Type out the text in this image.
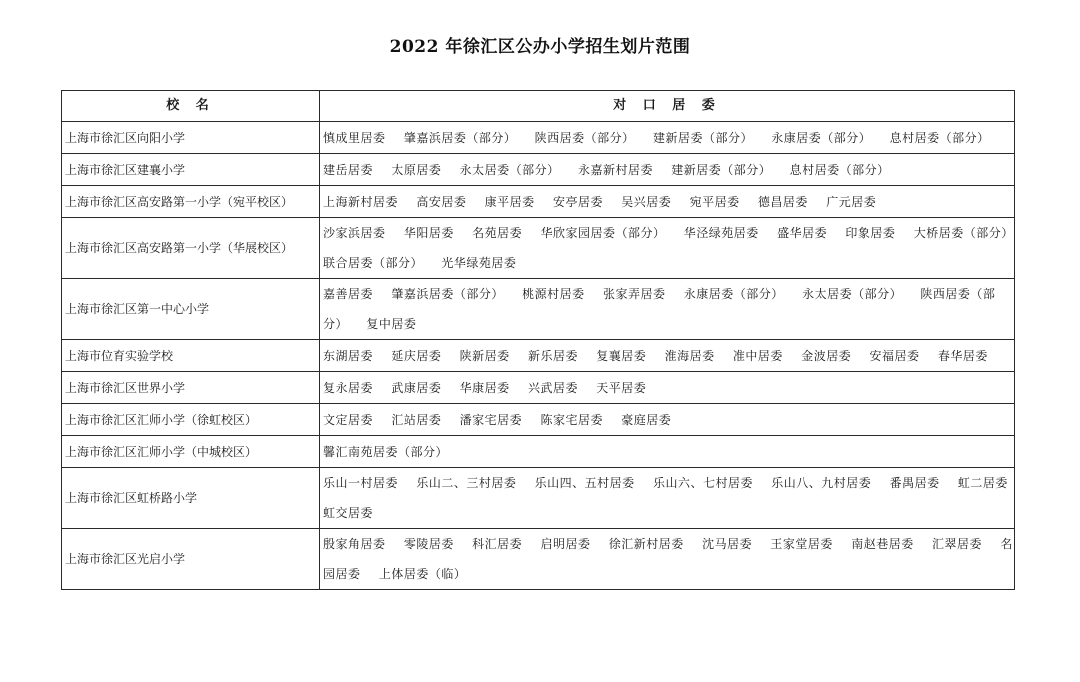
2022 年徐汇区公办小学招生划片范围
校 名	对 口 居 委
上海市徐汇区向阳小学	慎成里居委 肇嘉浜居委（部分） 陕西居委（部分） 建新居委（部分） 永康居委（部分） 息村居委（部分）
上海市徐汇区建襄小学	建岳居委 太原居委 永太居委（部分） 永嘉新村居委 建新居委（部分） 息村居委（部分）
上海市徐汇区高安路第一小学（宛平校区）	上海新村居委 高安居委 康平居委 安亭居委 吴兴居委 宛平居委 德昌居委 广元居委
上海市徐汇区高安路第一小学（华展校区）	沙家浜居委 华阳居委 名苑居委 华欣家园居委（部分） 华泾绿苑居委 盛华居委 印象居委 大桥居委（部分） 联合居委（部分） 光华绿苑居委
上海市徐汇区第一中心小学	嘉善居委 肇嘉浜居委（部分） 桃源村居委 张家弄居委 永康居委（部分） 永太居委（部分） 陕西居委（部分） 复中居委
上海市位育实验学校	东湖居委 延庆居委 陕新居委 新乐居委 复襄居委 淮海居委 准中居委 金波居委 安福居委 春华居委
上海市徐汇区世界小学	复永居委 武康居委 华康居委 兴武居委 天平居委
上海市徐汇区汇师小学（徐虹校区）	文定居委 汇站居委 潘家宅居委 陈家宅居委 豪庭居委
上海市徐汇区汇师小学（中城校区）	馨汇南苑居委（部分）
上海市徐汇区虹桥路小学	乐山一村居委 乐山二、三村居委 乐山四、五村居委 乐山六、七村居委 乐山八、九村居委 番禺居委 虹二居委 虹交居委
上海市徐汇区光启小学	殷家角居委 零陵居委 科汇居委 启明居委 徐汇新村居委 沈马居委 王家堂居委 南赵巷居委 汇翠居委 名园居委 上体居委（临）
